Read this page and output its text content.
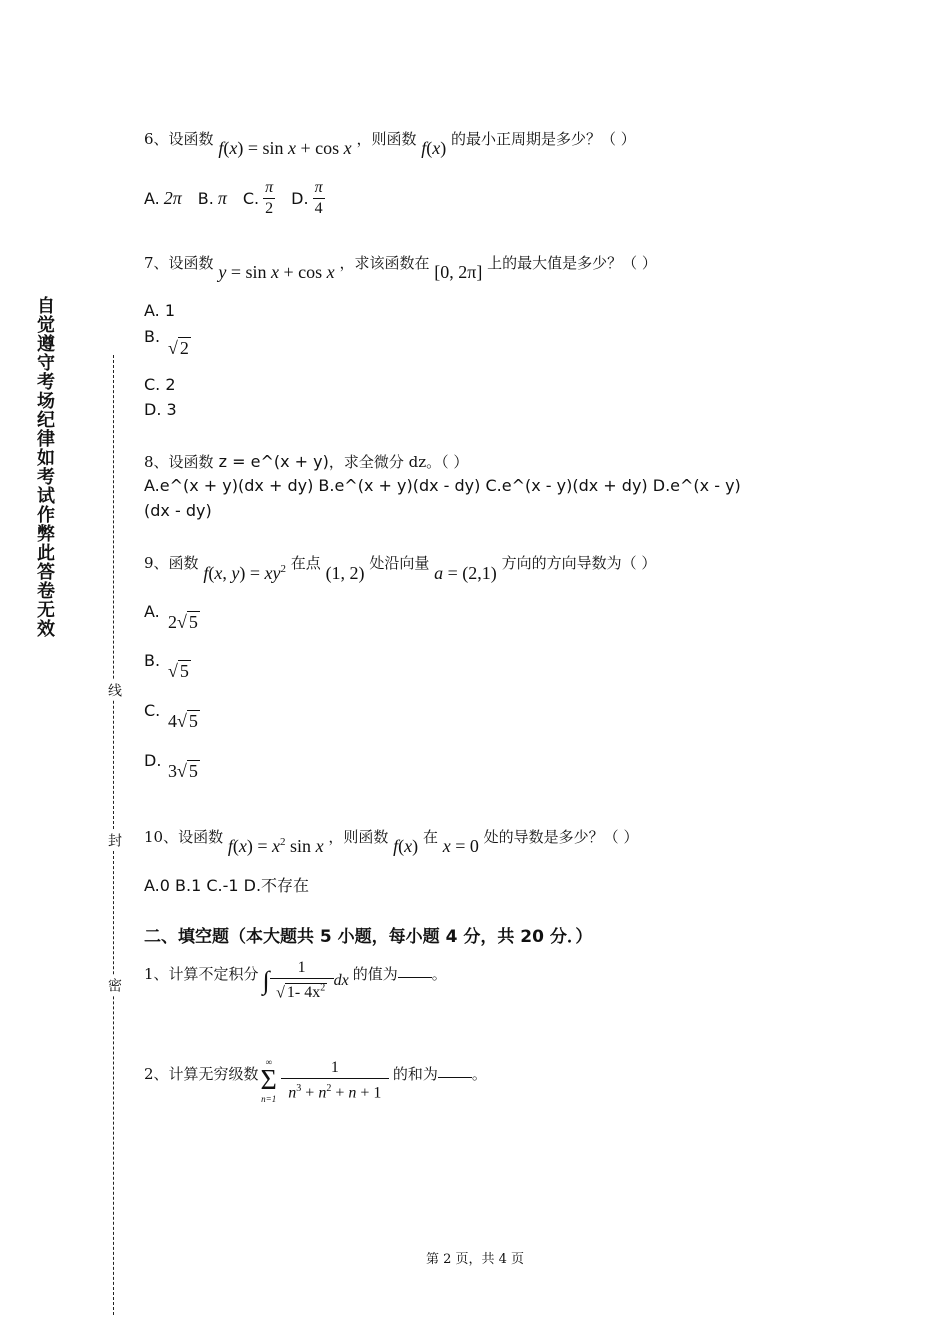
自觉遵守考场纪律如考试作弊此答卷无效
线
封
密
6、设函数 f(x) = sin x + cos x ，则函数 f(x) 的最小正周期是多少？（ ）
A. 2π B. π C. $\frac{\pi}{2} D$. $\frac{\pi}{4}$
7、设函数 y = sin x + cos x ，求该函数在 [0, 2π] 上的最大值是多少？（ ）
A. 1
B.
√ 2
C. 2
D. 3
8、设函数 z = e^(x + y)，求全微分 dz。（ ）
A.e^(x + y)(dx + dy) B.e^(x + y)(dx - dy) C.e^(x - y)(dx + dy) D.e^(x - y)
(dx - dy)
9、函数 f(x, $y) = xy^2$ 在点 (1, 2) 处沿向量 a = (2,1) 方向的方向导数为（ ）
A.
2√ 5
B.
√ 5
C.
4√ 5
D.
3√ 5
10、设函数 $f(x) = x^2$ sin x ，则函数 f(x) 在 x = 0 处的导数是多少？（ ）
A.0 B.1 C.-1 D.不存在
二、填空题（本大题共 5 小题，每小题 4 分，共 20 分．）
1、计算不定积分 ∫ $\frac{1}{√ 1- 4x^2}$ dx 的值为 。
2、计算无穷级数
∞
Σ
$n=1 \frac{1}{n^3 + n^2 + n + 1}$ 的和为 。
第 2 页，共 4 页
